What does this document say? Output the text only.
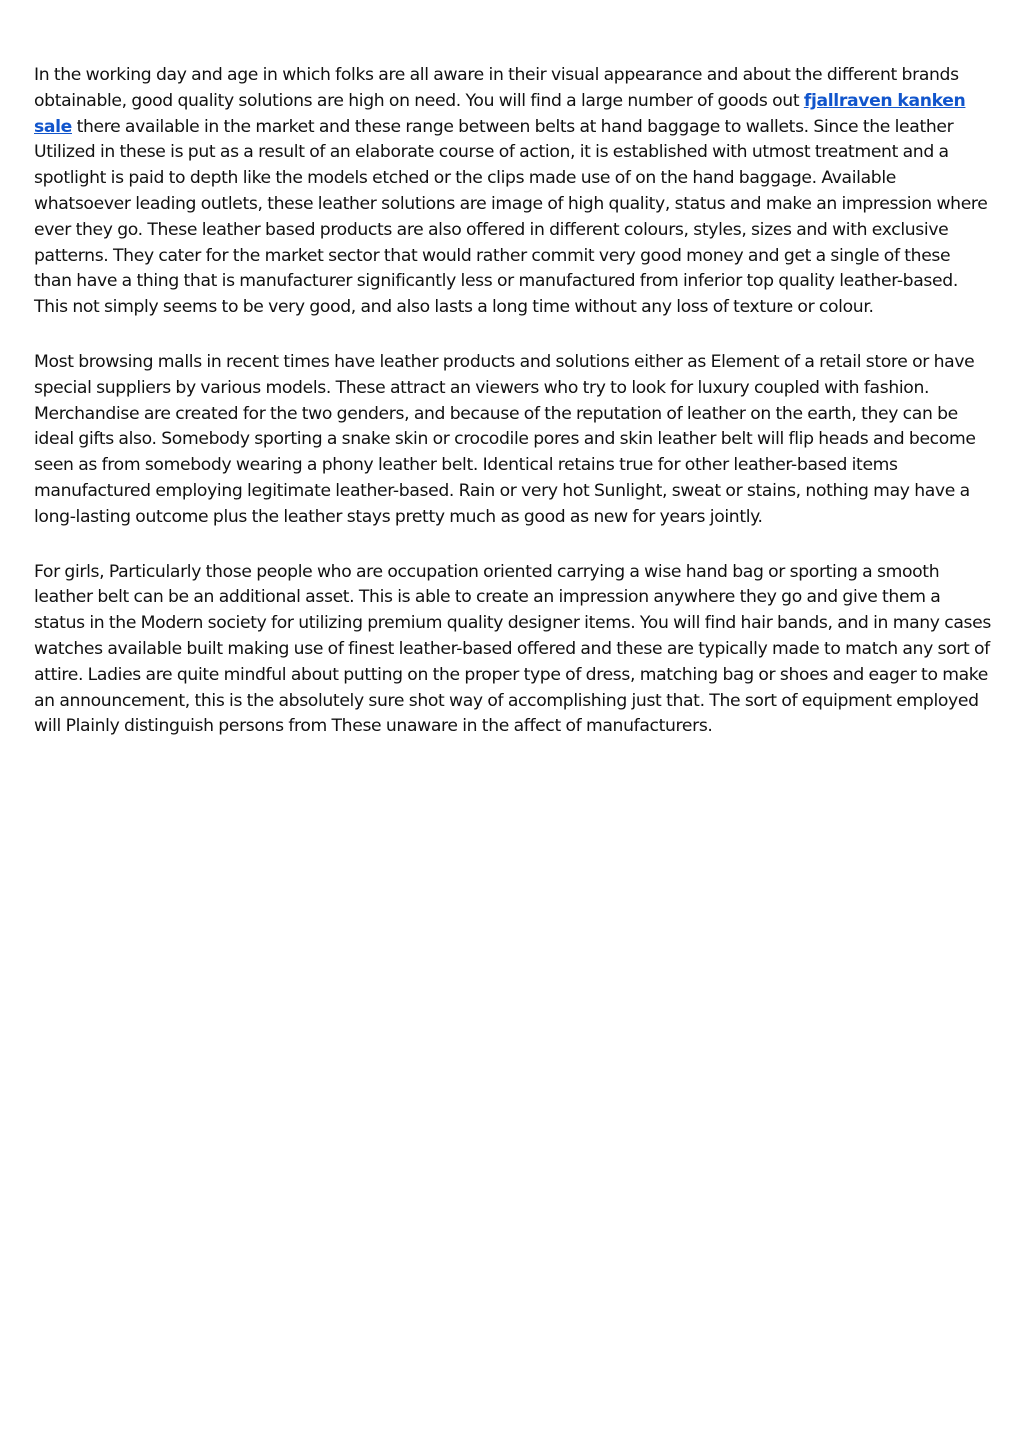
In the working day and age in which folks are all aware in their visual appearance and about the different brands obtainable, good quality solutions are high on need. You will find a large number of goods out fjallraven kanken sale there available in the market and these range between belts at hand baggage to wallets. Since the leather Utilized in these is put as a result of an elaborate course of action, it is established with utmost treatment and a spotlight is paid to depth like the models etched or the clips made use of on the hand baggage. Available whatsoever leading outlets, these leather solutions are image of high quality, status and make an impression where ever they go. These leather based products are also offered in different colours, styles, sizes and with exclusive patterns. They cater for the market sector that would rather commit very good money and get a single of these than have a thing that is manufacturer significantly less or manufactured from inferior top quality leather-based. This not simply seems to be very good, and also lasts a long time without any loss of texture or colour.

Most browsing malls in recent times have leather products and solutions either as Element of a retail store or have special suppliers by various models. These attract an viewers who try to look for luxury coupled with fashion. Merchandise are created for the two genders, and because of the reputation of leather on the earth, they can be ideal gifts also. Somebody sporting a snake skin or crocodile pores and skin leather belt will flip heads and become seen as from somebody wearing a phony leather belt. Identical retains true for other leather-based items manufactured employing legitimate leather-based. Rain or very hot Sunlight, sweat or stains, nothing may have a long-lasting outcome plus the leather stays pretty much as good as new for years jointly.

For girls, Particularly those people who are occupation oriented carrying a wise hand bag or sporting a smooth leather belt can be an additional asset. This is able to create an impression anywhere they go and give them a status in the Modern society for utilizing premium quality designer items. You will find hair bands, and in many cases watches available built making use of finest leather-based offered and these are typically made to match any sort of attire. Ladies are quite mindful about putting on the proper type of dress, matching bag or shoes and eager to make an announcement, this is the absolutely sure shot way of accomplishing just that. The sort of equipment employed will Plainly distinguish persons from These unaware in the affect of manufacturers.
